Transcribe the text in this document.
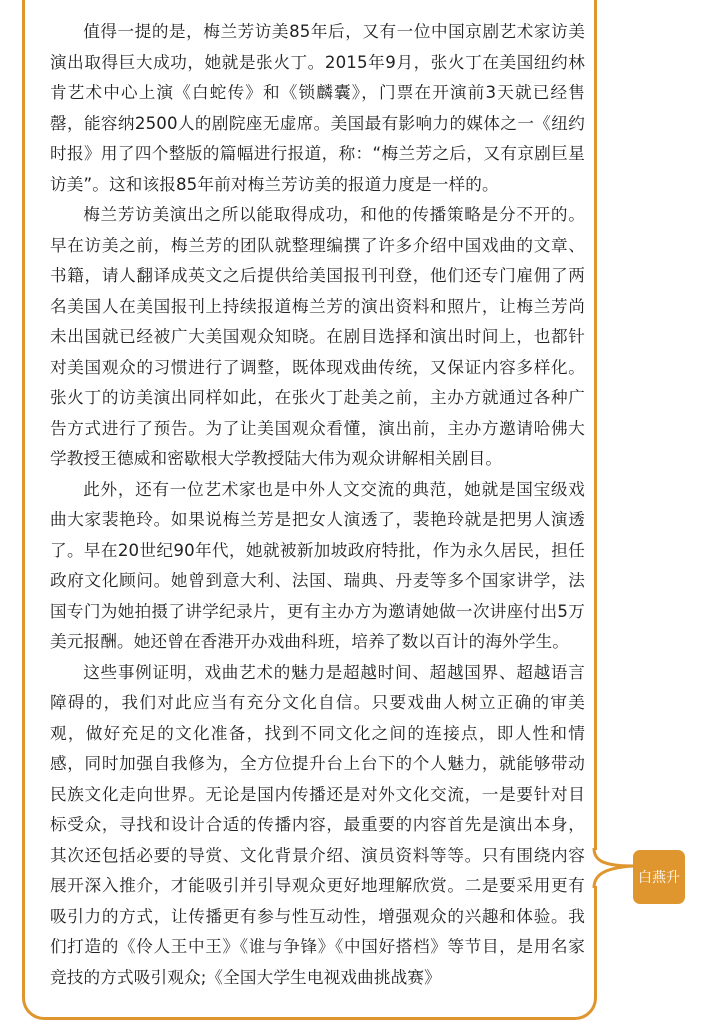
值得一提的是，梅兰芳访美85年后，又有一位中国京剧艺术家访美演出取得巨大成功，她就是张火丁。2015年9月，张火丁在美国纽约林肯艺术中心上演《白蛇传》和《锁麟囊》，门票在开演前3天就已经售罄，能容纳2500人的剧院座无虚席。美国最有影响力的媒体之一《纽约时报》用了四个整版的篇幅进行报道，称：“梅兰芳之后，又有京剧巨星访美”。这和该报85年前对梅兰芳访美的报道力度是一样的。

梅兰芳访美演出之所以能取得成功，和他的传播策略是分不开的。早在访美之前，梅兰芳的团队就整理编撰了许多介绍中国戏曲的文章、书籍，请人翻译成英文之后提供给美国报刊刊登，他们还专门雇佣了两名美国人在美国报刊上持续报道梅兰芳的演出资料和照片，让梅兰芳尚未出国就已经被广大美国观众知晓。在剧目选择和演出时间上，也都针对美国观众的习惯进行了调整，既体现戏曲传统，又保证内容多样化。张火丁的访美演出同样如此，在张火丁赴美之前，主办方就通过各种广告方式进行了预告。为了让美国观众看懂，演出前，主办方邀请哈佛大学教授王德威和密歇根大学教授陆大伟为观众讲解相关剧目。

此外，还有一位艺术家也是中外人文交流的典范，她就是国宝级戏曲大家裴艳玲。如果说梅兰芳是把女人演透了，裴艳玲就是把男人演透了。早在20世纪90年代，她就被新加坡政府特批，作为永久居民，担任政府文化顾问。她曾到意大利、法国、瑞典、丹麦等多个国家讲学，法国专门为她拍摄了讲学纪录片，更有主办方为邀请她做一次讲座付出5万美元报酬。她还曾在香港开办戏曲科班，培养了数以百计的海外学生。

这些事例证明，戏曲艺术的魅力是超越时间、超越国界、超越语言障碍的，我们对此应当有充分文化自信。只要戏曲人树立正确的审美观，做好充足的文化准备，找到不同文化之间的连接点，即人性和情感，同时加强自我修为，全方位提升台上台下的个人魅力，就能够带动民族文化走向世界。无论是国内传播还是对外文化交流，一是要针对目标受众，寻找和设计合适的传播内容，最重要的内容首先是演出本身，其次还包括必要的导赏、文化背景介绍、演员资料等等。只有围绕内容展开深入推介，才能吸引并引导观众更好地理解欣赏。二是要采用更有吸引力的方式，让传播更有参与性互动性，增强观众的兴趣和体验。我们打造的《伶人王中王》《谁与争锋》《中国好搭档》等节目，是用名家竞技的方式吸引观众;《全国大学生电视戏曲挑战赛》

白燕升
